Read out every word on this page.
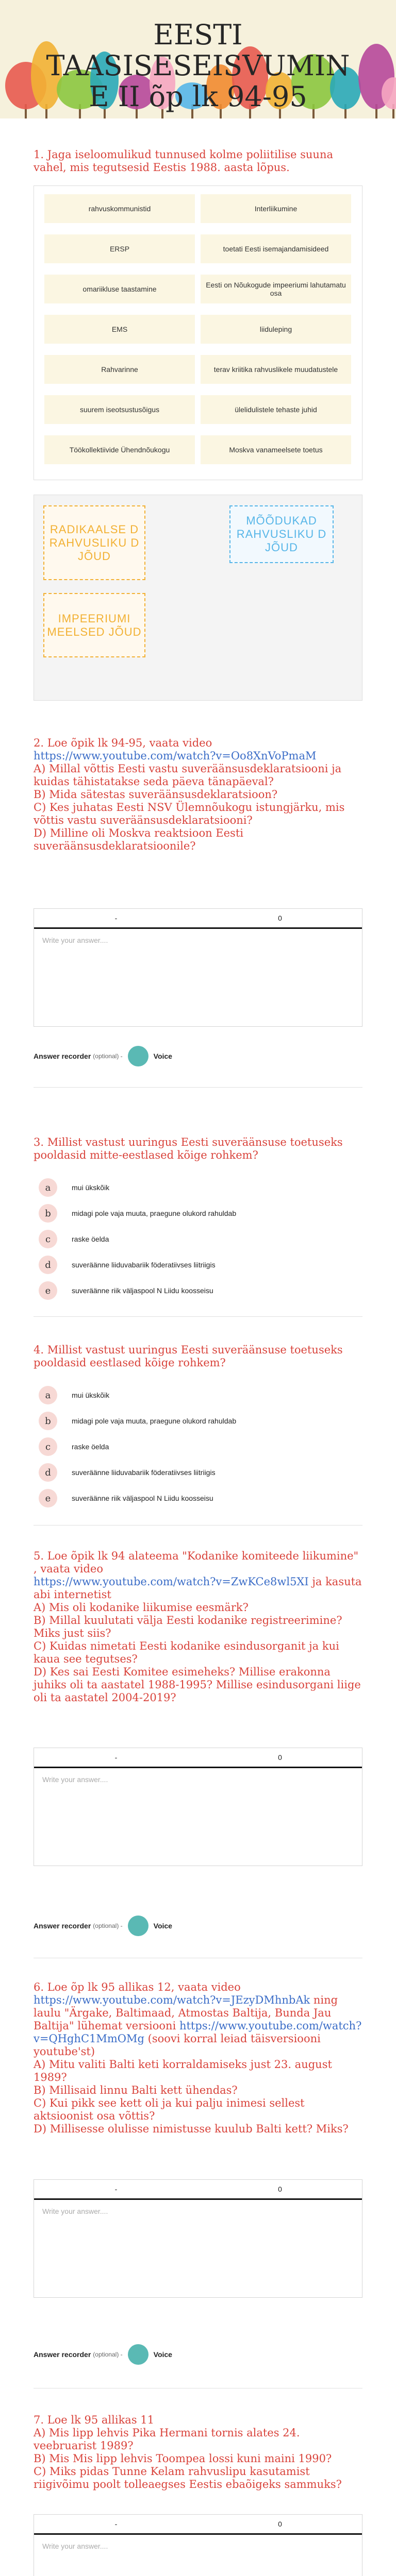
EESTI
TAASISESEISVUMIN
E II õp lk 94-95

1. Jaga iseloomulikud tunnused kolme poliitilise suuna vahel, mis tegutsesid Eestis 1988. aasta lõpus.

rahvuskommunistid	Interliikumine
ERSP	toetati Eesti isemajandamisideed
omariikluse taastamine	Eesti on Nõukogude impeeriumi lahutamatu osa
EMS	liiduleping
Rahvarinne	terav kriitika rahvuslikele muudatustele
suurem iseotsustusõigus	ülelidulistele tehaste juhid
Töökollektiivide Ühendnõukogu	Moskva vanameelsete toetus
RADIKAALSE D RAHVUSLIKU D JÕUD
MÕÕDUKAD RAHVUSLIKU D JÕUD
IMPEERIUMI MEELSED JÕUD

2. Loe õpik lk 94-95, vaata video

https://www.youtube.com/watch?v=Oo8XnVoPmaM

A) Millal võttis Eesti vastu suveräänsusdeklaratsiooni ja kuidas tähistatakse seda päeva tänapäeval?

B) Mida sätestas suveräänsusdeklaratsioon?

C) Kes juhatas Eesti NSV Ülemnõukogu istungjärku, mis võttis vastu suveräänsusdeklaratsiooni?

D) Milline oli Moskva reaktsioon Eesti suveräänsusdeklaratsioonile?

-	0
Write your answer....
Answer recorder (optional) -	Voice

3. Millist vastust uuringus Eesti suveräänsuse toetuseks pooldasid mitte-eestlased kõige rohkem?

a	mui ükskõik
b	midagi pole vaja muuta, praegune olukord rahuldab
c	raske öelda
d	suveräänne liiduvabariik föderatiivses liitriigis
e	suveräänne riik väljaspool N Liidu koosseisu

4. Millist vastust uuringus Eesti suveräänsuse toetuseks pooldasid eestlased kõige rohkem?

a	mui ükskõik
b	midagi pole vaja muuta, praegune olukord rahuldab
c	raske öelda
d	suveräänne liiduvabariik föderatiivses liitriigis
e	suveräänne riik väljaspool N Liidu koosseisu

5. Loe õpik lk 94 alateema "Kodanike komiteede liikumine" , vaata video

https://www.youtube.com/watch?v=ZwKCe8wl5XI ja kasuta abi internetist

A) Mis oli kodanike liikumise eesmärk?

B) Millal kuulutati välja Eesti kodanike registreerimine? Miks just siis?

C) Kuidas nimetati Eesti kodanike esindusorganit ja kui kaua see tegutses?

D) Kes sai Eesti Komitee esimeheks? Millise erakonna juhiks oli ta aastatel 1988-1995? Millise esindusorgani liige oli ta aastatel 2004-2019?

-	0
Write your answer....
Answer recorder (optional) -	Voice

6. Loe õp lk 95 allikas 12, vaata video https://www.youtube.com/watch?v=JEzyDMhnbAk ning laulu "Ärgake, Baltimaad, Atmostas Baltija, Bunda Jau Baltija" lühemat versiooni https://www.youtube.com/watch?v=QHghC1MmOMg (soovi korral leiad täisversiooni youtube'st)

A) Mitu valiti Balti keti korraldamiseks just 23. august 1989?

B) Millisaid linnu Balti kett ühendas?

C) Kui pikk see kett oli ja kui palju inimesi sellest aktsioonist osa võttis?

D) Millisesse olulisse nimistusse kuulub Balti kett? Miks?

-	0
Write your answer....
Answer recorder (optional) -	Voice

7. Loe lk 95 allikas 11

A) Mis lipp lehvis Pika Hermani tornis alates 24. veebruarist 1989?

B) Mis Mis lipp lehvis Toompea lossi kuni maini 1990?

C) Miks pidas Tunne Kelam rahvuslipu kasutamist riigivõimu poolt tolleaegses Eestis ebaõigeks sammuks?

-	0
Write your answer....
